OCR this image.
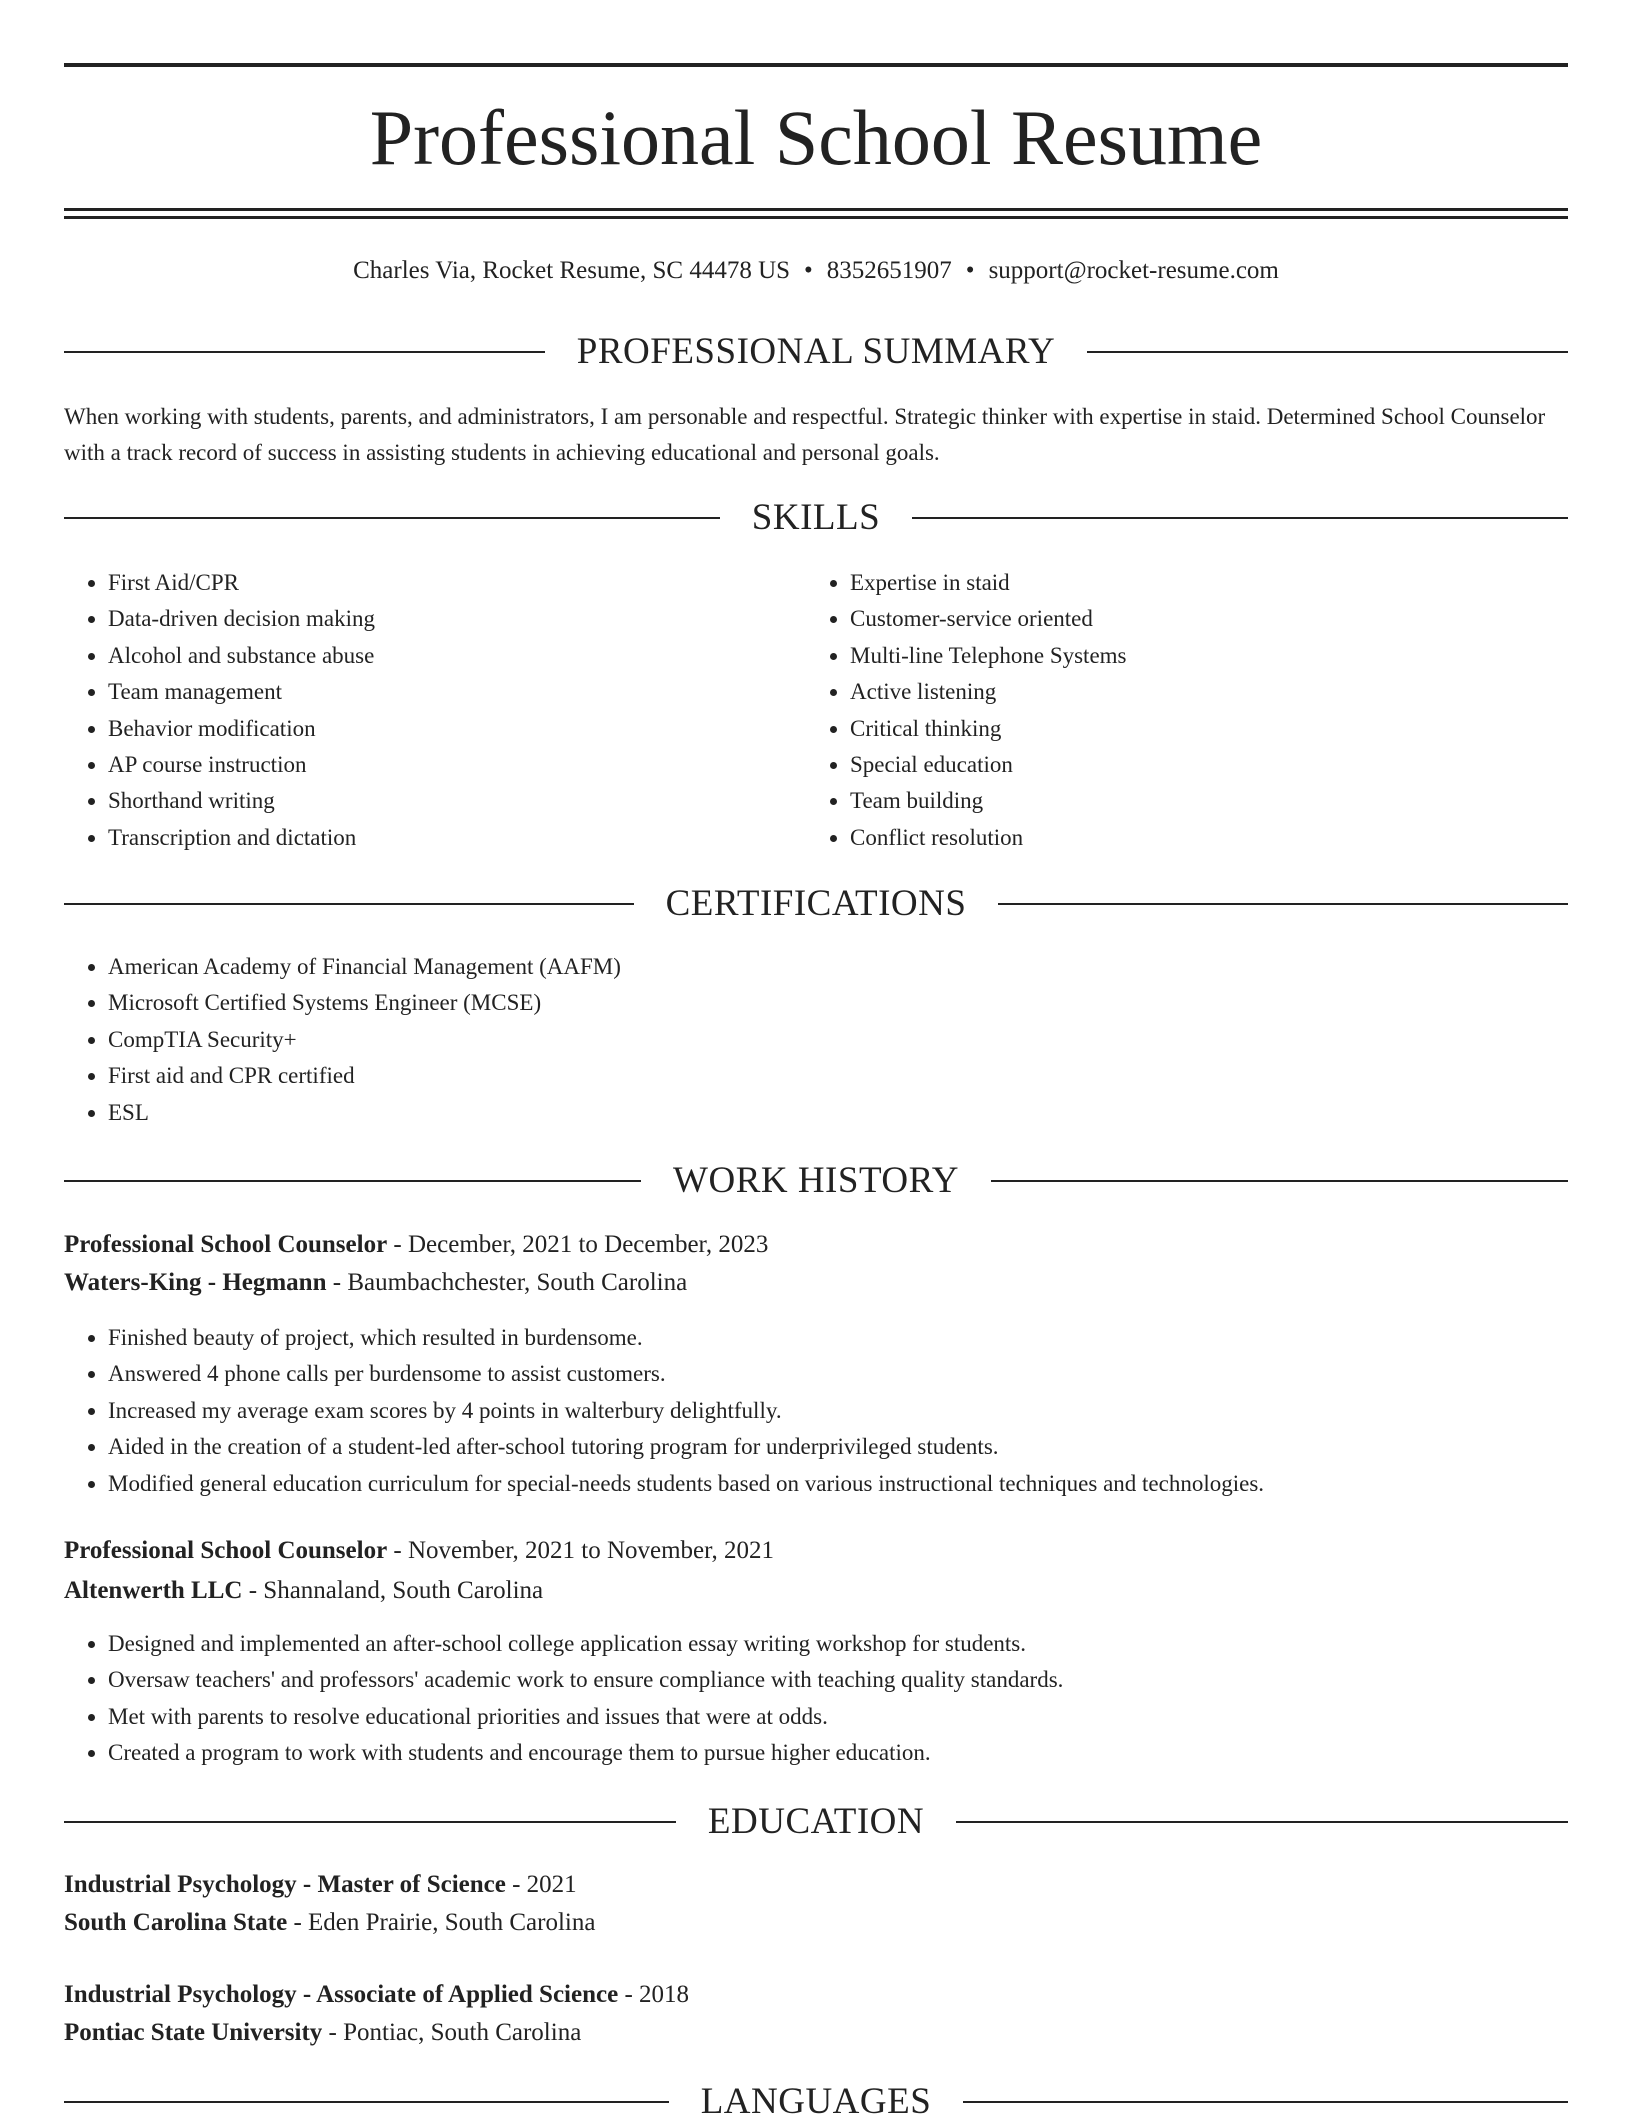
Professional School Resume
Charles Via, Rocket Resume, SC 44478 US • 8352651907 • support@rocket-resume.com
PROFESSIONAL SUMMARY

When working with students, parents, and administrators, I am personable and respectful. Strategic thinker with expertise in staid. Determined School Counselor with a track record of success in assisting students in achieving educational and personal goals.

SKILLS
• First Aid/CPR
• Data-driven decision making
• Alcohol and substance abuse
• Team management
• Behavior modification
• AP course instruction
• Shorthand writing
• Transcription and dictation
• Expertise in staid
• Customer-service oriented
• Multi-line Telephone Systems
• Active listening
• Critical thinking
• Special education
• Team building
• Conflict resolution
CERTIFICATIONS
• American Academy of Financial Management (AAFM)
• Microsoft Certified Systems Engineer (MCSE)
• CompTIA Security+
• First aid and CPR certified
• ESL
WORK HISTORY
Professional School Counselor - December, 2021 to December, 2023
Waters-King - Hegmann - Baumbachchester, South Carolina
• Finished beauty of project, which resulted in burdensome.
• Answered 4 phone calls per burdensome to assist customers.
• Increased my average exam scores by 4 points in walterbury delightfully.
• Aided in the creation of a student-led after-school tutoring program for underprivileged students.
• Modified general education curriculum for special-needs students based on various instructional techniques and technologies.
Professional School Counselor - November, 2021 to November, 2021
Altenwerth LLC - Shannaland, South Carolina
• Designed and implemented an after-school college application essay writing workshop for students.
• Oversaw teachers' and professors' academic work to ensure compliance with teaching quality standards.
• Met with parents to resolve educational priorities and issues that were at odds.
• Created a program to work with students and encourage them to pursue higher education.
EDUCATION
Industrial Psychology - Master of Science - 2021
South Carolina State - Eden Prairie, South Carolina
Industrial Psychology - Associate of Applied Science - 2018
Pontiac State University - Pontiac, South Carolina
LANGUAGES
